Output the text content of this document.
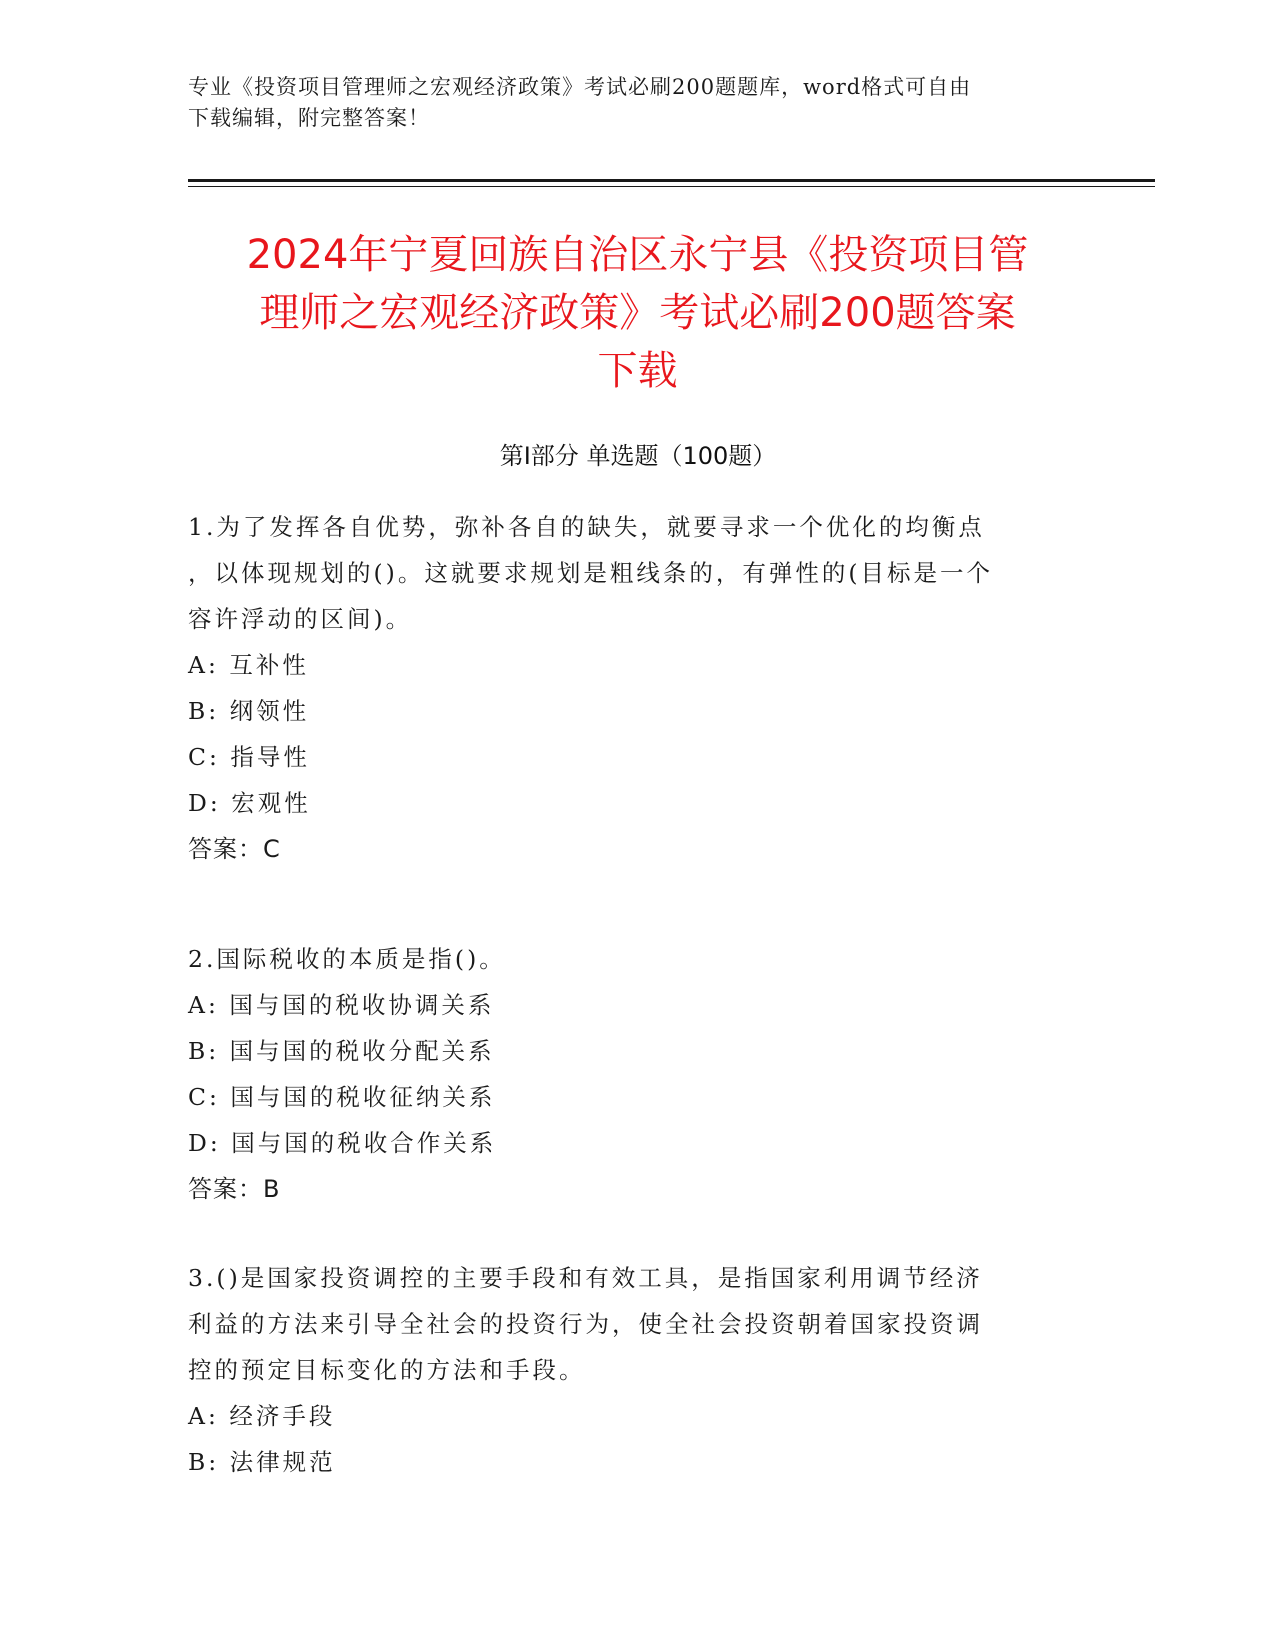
专业《投资项目管理师之宏观经济政策》考试必刷200题题库，word格式可自由
下载编辑，附完整答案！
2024年宁夏回族自治区永宁县《投资项目管
理师之宏观经济政策》考试必刷200题答案
下载
第I部分 单选题（100题）
1.为了发挥各自优势，弥补各自的缺失，就要寻求一个优化的均衡点
，以体现规划的()。这就要求规划是粗线条的，有弹性的(目标是一个
容许浮动的区间)。
A: 互补性
B: 纲领性
C: 指导性
D: 宏观性
答案：C
2.国际税收的本质是指()。
A: 国与国的税收协调关系
B: 国与国的税收分配关系
C: 国与国的税收征纳关系
D: 国与国的税收合作关系
答案：B
3.()是国家投资调控的主要手段和有效工具，是指国家利用调节经济
利益的方法来引导全社会的投资行为，使全社会投资朝着国家投资调
控的预定目标变化的方法和手段。
A: 经济手段
B: 法律规范
